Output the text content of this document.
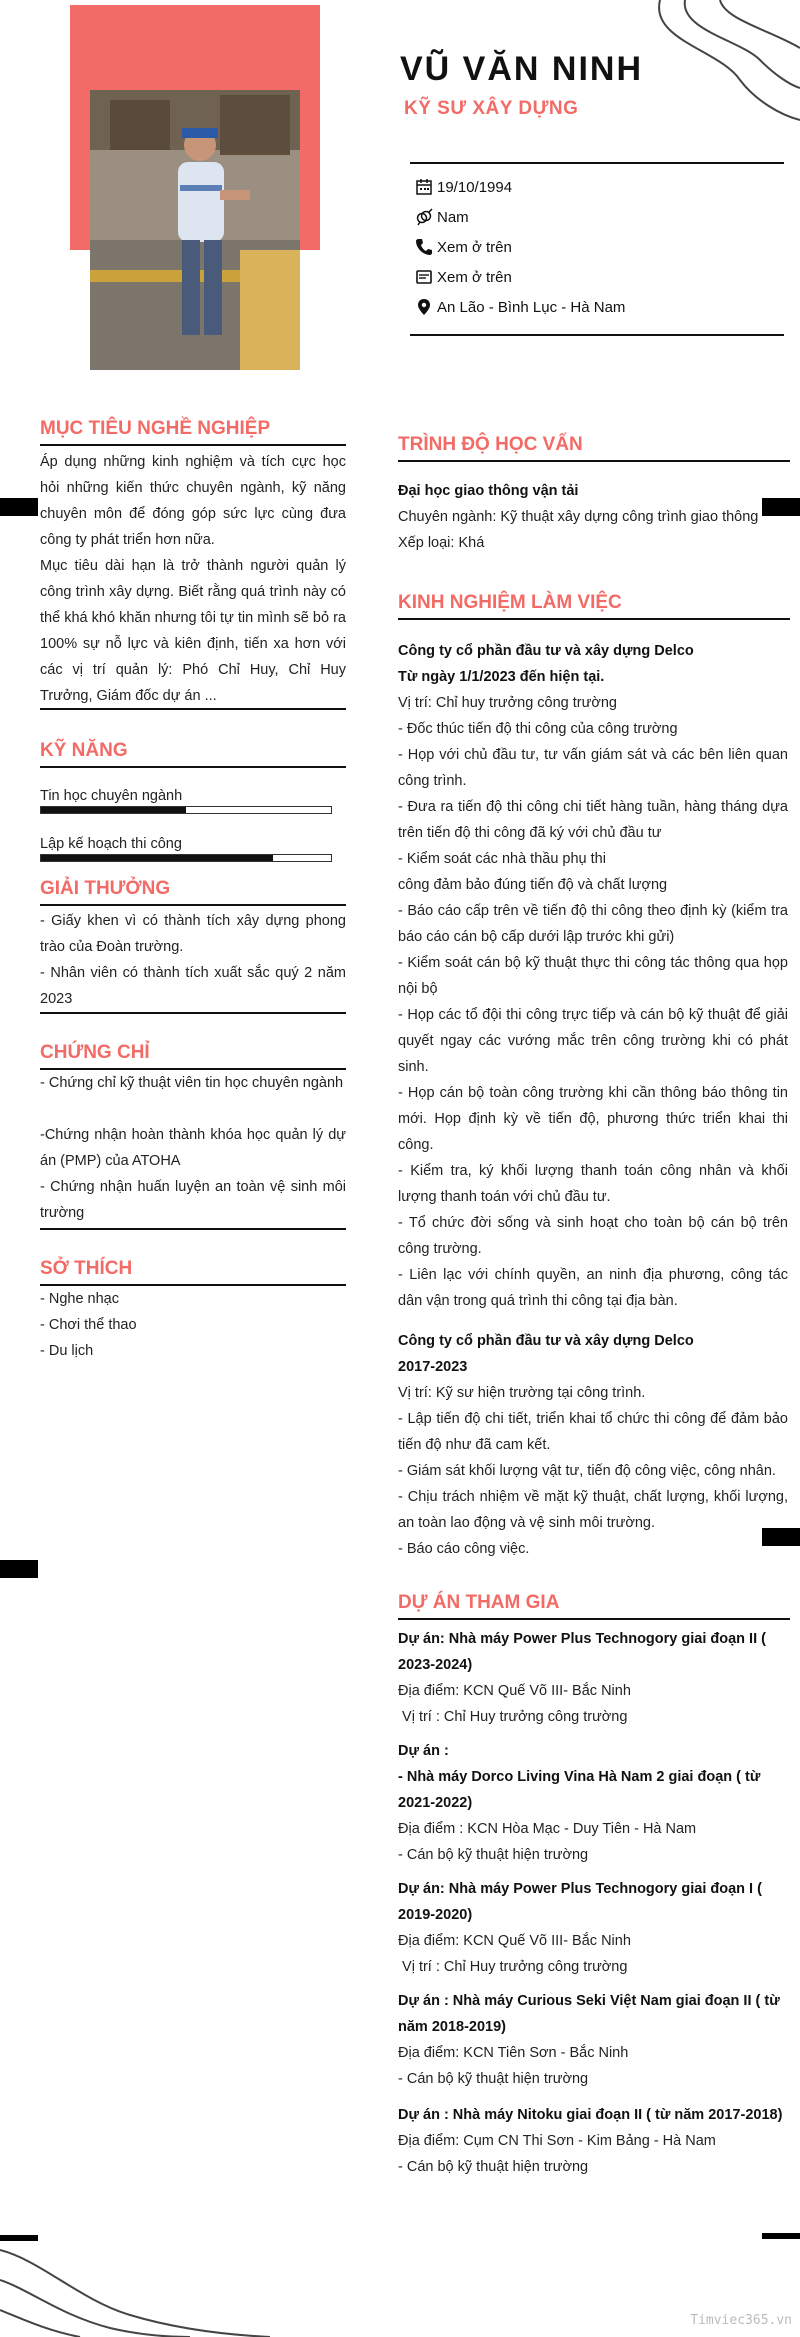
VŨ VĂN NINH
KỸ SƯ XÂY DỰNG
19/10/1994
Nam
Xem ở trên
Xem ở trên
An Lão - Bình Lục - Hà Nam
MỤC TIÊU NGHỀ NGHIỆP

Áp dụng những kinh nghiệm và tích cực học hỏi những kiến thức chuyên ngành, kỹ năng chuyên môn để đóng góp sức lực cùng đưa công ty phát triển hơn nữa.

Mục tiêu dài hạn là trở thành người quản lý công trình xây dựng. Biết rằng quá trình này có thể khá khó khăn nhưng tôi tự tin mình sẽ bỏ ra 100% sự nỗ lực và kiên định, tiến xa hơn với các vị trí quản lý: Phó Chỉ Huy, Chỉ Huy Trưởng, Giám đốc dự án ...

KỸ NĂNG
Tin học chuyên ngành
Lập kế hoạch thi công
GIẢI THƯỞNG

- Giấy khen vì có thành tích xây dựng phong trào của Đoàn trường.

- Nhân viên có thành tích xuất sắc quý 2 năm 2023

CHỨNG CHỈ

- Chứng chỉ kỹ thuật viên tin học chuyên ngành

-Chứng nhận hoàn thành khóa học quản lý dự án (PMP) của ATOHA

- Chứng nhận huấn luyện an toàn vệ sinh môi trường

SỞ THÍCH

- Nghe nhạc

- Chơi thể thao

- Du lịch

TRÌNH ĐỘ HỌC VẤN

Đại học giao thông vận tải

Chuyên ngành: Kỹ thuật xây dựng công trình giao thông

Xếp loại: Khá

KINH NGHIỆM LÀM VIỆC

Công ty cổ phần đầu tư và xây dựng Delco

Từ ngày 1/1/2023 đến hiện tại.

Vị trí: Chỉ huy trưởng công trường

- Đốc thúc tiến độ thi công của công trường

- Họp với chủ đầu tư, tư vấn giám sát và các bên liên quan công trình.

- Đưa ra tiến độ thi công chi tiết hàng tuần, hàng tháng dựa trên tiến độ thi công đã ký với chủ đầu tư

- Kiểm soát các nhà thầu phụ thi
công đảm bảo đúng tiến độ và chất lượng

- Báo cáo cấp trên về tiến độ thi công theo định kỳ (kiểm tra báo cáo cán bộ cấp dưới lập trước khi gửi)

- Kiểm soát cán bộ kỹ thuật thực thi công tác thông qua họp nội bộ

- Họp các tổ đội thi công trực tiếp và cán bộ kỹ thuật để giải quyết ngay các vướng mắc trên công trường khi có phát sinh.

- Họp cán bộ toàn công trường khi cần thông báo thông tin mới. Họp định kỳ về tiến độ, phương thức triển khai thi công.

- Kiểm tra, ký khối lượng thanh toán công nhân và khối lượng thanh toán với chủ đầu tư.

- Tổ chức đời sống và sinh hoạt cho toàn bộ cán bộ trên công trường.

- Liên lạc với chính quyền, an ninh địa phương, công tác dân vận trong quá trình thi công tại địa bàn.

Công ty cổ phần đầu tư và xây dựng Delco

2017-2023

Vị trí: Kỹ sư hiện trường tại công trình.

- Lập tiến độ chi tiết, triển khai tổ chức thi công để đảm bảo tiến độ như đã cam kết.

- Giám sát khối lượng vật tư, tiến độ công việc, công nhân.

- Chịu trách nhiệm về mặt kỹ thuật, chất lượng, khối lượng, an toàn lao động và vệ sinh môi trường.

- Báo cáo công việc.

DỰ ÁN THAM GIA

Dự án: Nhà máy Power Plus Technogory giai đoạn II ( 2023-2024)

Địa điểm: KCN Quế Võ III- Bắc Ninh

Vị trí : Chỉ Huy trưởng công trường

Dự án :
- Nhà máy Dorco Living Vina Hà Nam 2 giai đoạn ( từ 2021-2022)

Địa điểm : KCN Hòa Mạc - Duy Tiên - Hà Nam

- Cán bộ kỹ thuật hiện trường

Dự án: Nhà máy Power Plus Technogory giai đoạn I ( 2019-2020)

Địa điểm: KCN Quế Võ III- Bắc Ninh

Vị trí : Chỉ Huy trưởng công trường

Dự án : Nhà máy Curious Seki Việt Nam giai đoạn II ( từ năm 2018-2019)

Địa điểm: KCN Tiên Sơn - Bắc Ninh

- Cán bộ kỹ thuật hiện trường

Dự án : Nhà máy Nitoku giai đoạn II ( từ năm 2017-2018)

Địa điểm: Cụm CN Thi Sơn - Kim Bảng - Hà Nam

- Cán bộ kỹ thuật hiện trường

Timviec365.vn
